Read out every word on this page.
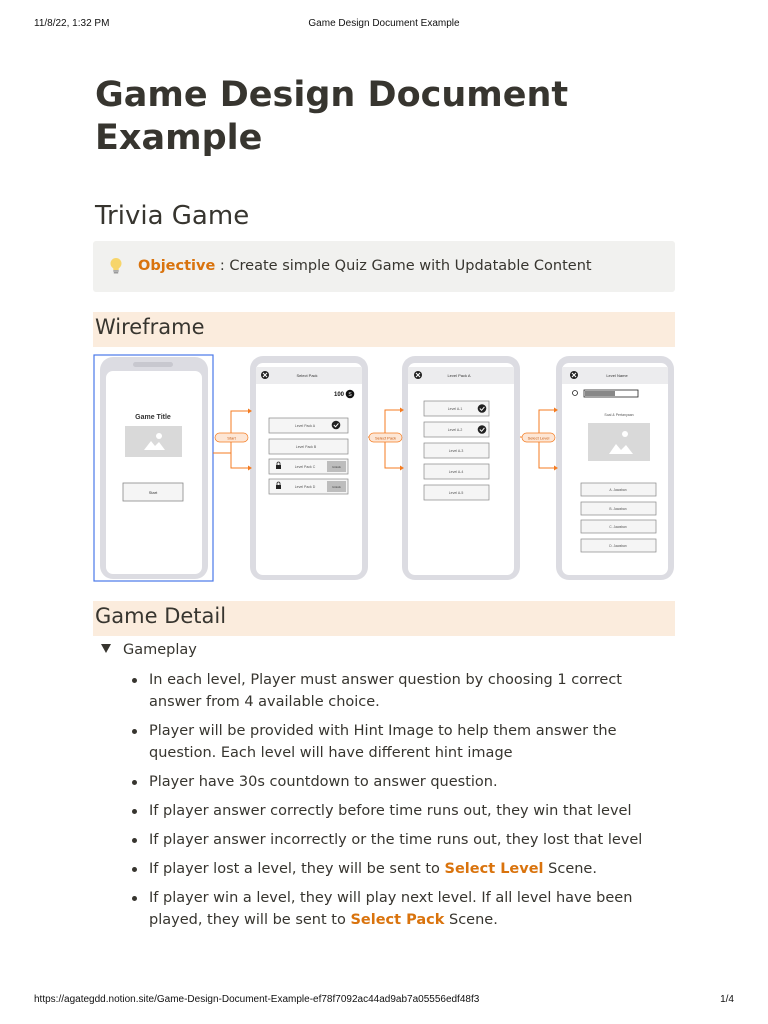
11/8/22, 1:32 PM	Game Design Document Example
Game Design Document Example
Trivia Game
Objective : Create simple Quiz Game with Updatable Content
Wireframe
Game Title
Start
Select Pack
100 S
Level Pack A
Level Pack B
Level Pack C	Unlock
Level Pack D	Unlock
Level Pack A
Level A-1
Level A-2
Level A-3
Level A-4
Level A-5
Level Name
Soal & Pertanyaan
A. Jawaban
B. Jawaban
C. Jawaban
D. Jawaban
Start	Select Pack	Select Level
Game Detail
Gameplay
In each level, Player must answer question by choosing 1 correct answer from 4 available choice.
Player will be provided with Hint Image to help them answer the question. Each level will have different hint image
Player have 30s countdown to answer question.
If player answer correctly before time runs out, they win that level
If player answer incorrectly or the time runs out, they lost that level
If player lost a level, they will be sent to Select Level Scene.
If player win a level, they will play next level. If all level have been played, they will be sent to Select Pack Scene.
https://agategdd.notion.site/Game-Design-Document-Example-ef78f7092ac44ad9ab7a05556edf48f3	1/4
